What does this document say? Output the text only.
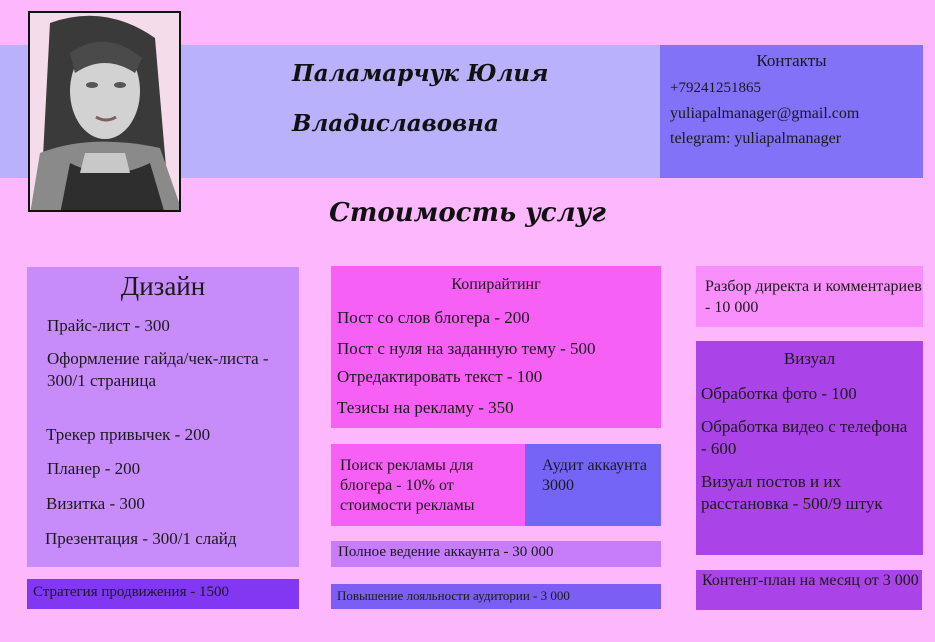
Паламарчук Юлия
Владиславовна
Контакты
+79241251865
yuliapalmanager@gmail.com
telegram: yuliapalmanager
Стоимость услуг
Дизайн
Прайс-лист - 300
Оформление гайда/чек-листа - 300/1 страница
Трекер привычек - 200
Планер - 200
Визитка - 300
Презентация - 300/1 слайд
Стратегия продвижения - 1500
Копирайтинг
Пост со слов блогера - 200
Пост с нуля на заданную тему - 500
Отредактировать текст - 100
Тезисы на рекламу - 350
Поиск рекламы для блогера - 10% от стоимости рекламы
Аудит аккаунта 3000
Полное ведение аккаунта - 30 000
Повышение лояльности аудитории - 3 000
Разбор директа и комментариев - 10 000
Визуал
Обработка фото - 100
Обработка видео с телефона - 600
Визуал постов и их расстановка - 500/9 штук
Контент-план на месяц от 3 000
